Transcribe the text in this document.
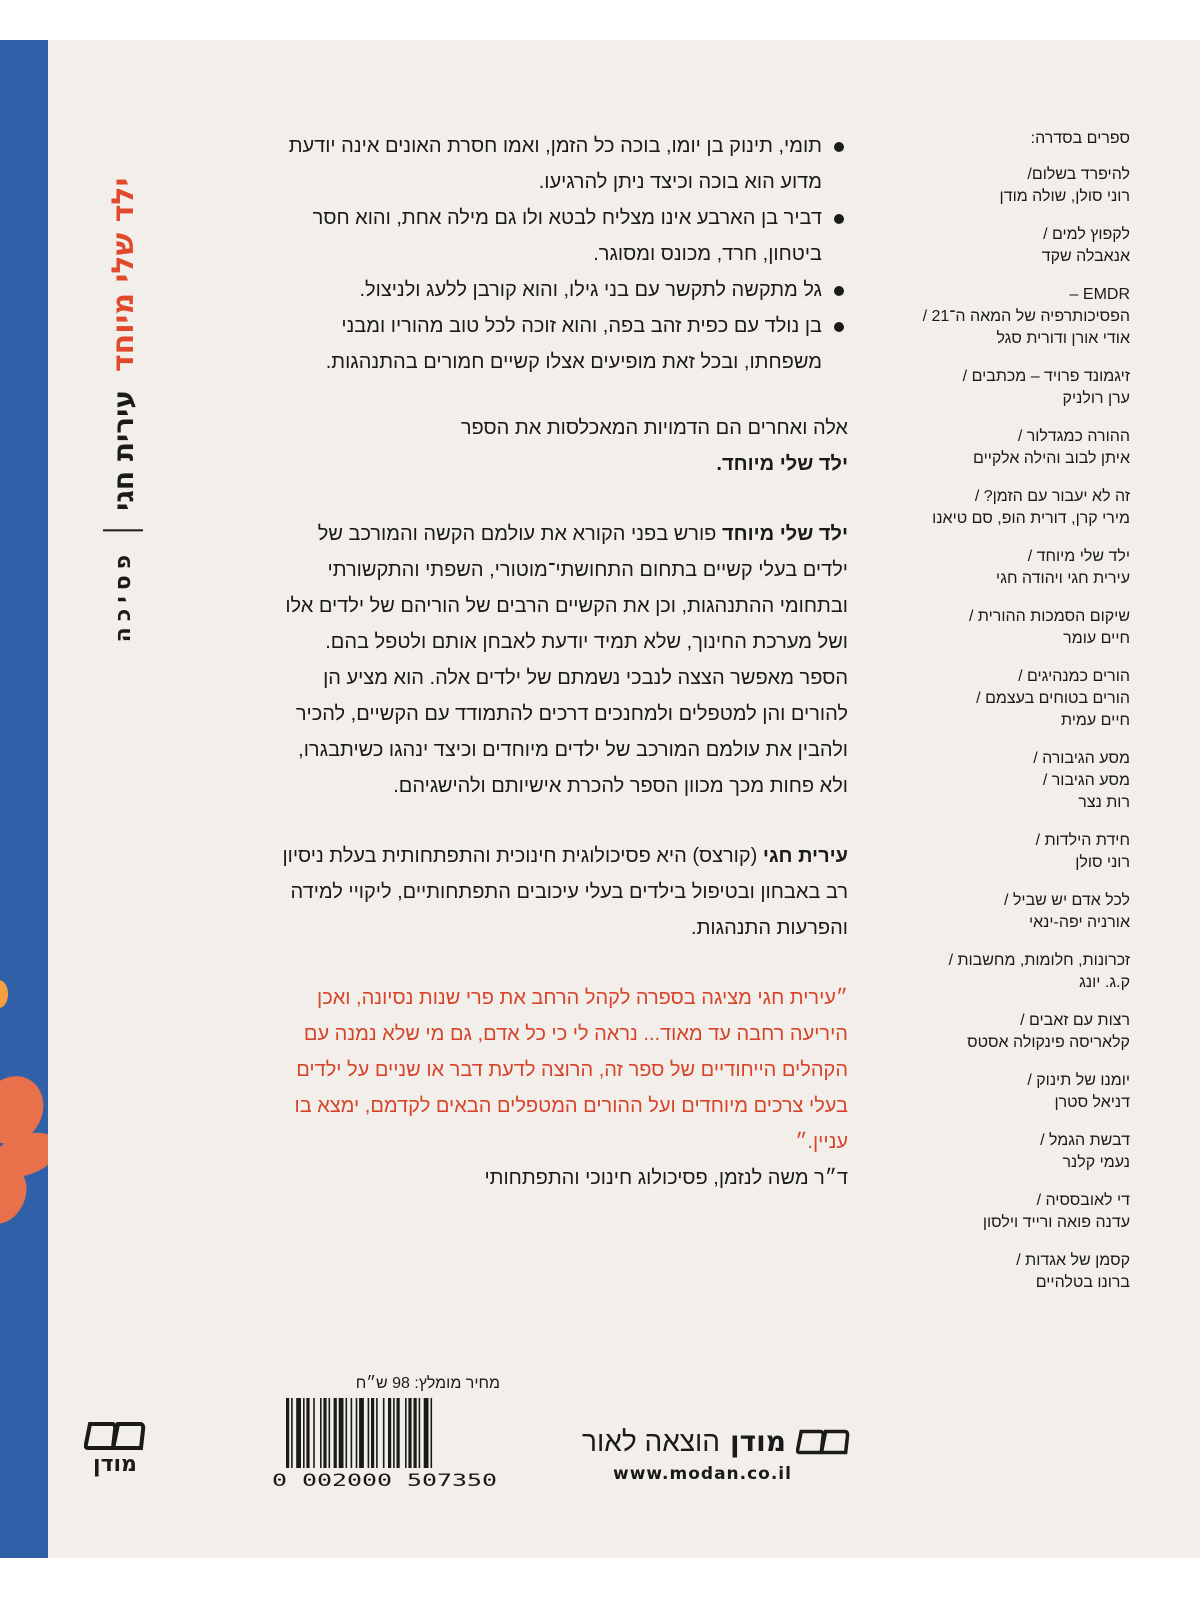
ילד שלי מיוחד
עירית חגי
פסיכה
מודן
ספרים בסדרה:
להיפרד בשלום/
רוני סולן, שולה מודן
לקפוץ למים /
אנאבלה שקד
EMDR –
הפסיכותרפיה של המאה ה־21 /
אודי אורן ודורית סגל
זיגמונד פרויד – מכתבים /
ערן רולניק
ההורה כמגדלור /
איתן לבוב והילה אלקיים
זה לא יעבור עם הזמן? /
מירי קרן, דורית הופ, סם טיאנו
ילד שלי מיוחד /
עירית חגי ויהודה חגי
שיקום הסמכות ההורית /
חיים עומר
הורים כמנהיגים /
הורים בטוחים בעצמם /
חיים עמית
מסע הגיבורה /
מסע הגיבור /
רות נצר
חידת הילדות /
רוני סולן
לכל אדם יש שביל /
אורניה יפה-ינאי
זכרונות, חלומות, מחשבות /
ק.ג. יונג
רצות עם זאבים /
קלאריסה פינקולה אסטס
יומנו של תינוק /
דניאל סטרן
דבשת הגמל /
נעמי קלנר
די לאובססיה /
עדנה פואה ורייד וילסון
קסמן של אגדות /
ברונו בטלהיים
תומי, תינוק בן יומו, בוכה כל הזמן, ואמו חסרת האונים אינה יודעת מדוע הוא בוכה וכיצד ניתן להרגיעו.
דביר בן הארבע אינו מצליח לבטא ולו גם מילה אחת, והוא חסר ביטחון, חרד, מכונס ומסוגר.
גל מתקשה לתקשר עם בני גילו, והוא קורבן ללעג ולניצול.
בן נולד עם כפית זהב בפה, והוא זוכה לכל טוב מהוריו ומבני משפחתו, ובכל זאת מופיעים אצלו קשיים חמורים בהתנהגות.

אלה ואחרים הם הדמויות המאכלסות את הספר
ילד שלי מיוחד.

ילד שלי מיוחד פורש בפני הקורא את עולמם הקשה והמורכב של ילדים בעלי קשיים בתחום התחושתי־מוטורי, השפתי והתקשורתי ובתחומי ההתנהגות, וכן את הקשיים הרבים של הוריהם של ילדים אלו ושל מערכת החינוך, שלא תמיד יודעת לאבחן אותם ולטפל בהם.

הספר מאפשר הצצה לנבכי נשמתם של ילדים אלה. הוא מציע הן להורים והן למטפלים ולמחנכים דרכים להתמודד עם הקשיים, להכיר ולהבין את עולמם המורכב של ילדים מיוחדים וכיצד ינהגו כשיתבגרו, ולא פחות מכך מכוון הספר להכרת אישיותם ולהישגיהם.

עירית חגי (קורצס) היא פסיכולוגית חינוכית והתפתחותית בעלת ניסיון רב באבחון ובטיפול בילדים בעלי עיכובים התפתחותיים, ליקויי למידה והפרעות התנהגות.

״עירית חגי מציגה בספרה לקהל הרחב את פרי שנות נסיונה, ואכן היריעה רחבה עד מאוד... נראה לי כי כל אדם, גם מי שלא נמנה עם הקהלים הייחודיים של ספר זה, הרוצה לדעת דבר או שניים על ילדים בעלי צרכים מיוחדים ועל ההורים המטפלים הבאים לקדמם, ימצא בו עניין.״

ד״ר משה לנזמן, פסיכולוג חינוכי והתפתחותי

מחיר מומלץ: 98 ש״ח
0 002000 507350
מודן
הוצאה לאור
www.modan.co.il
